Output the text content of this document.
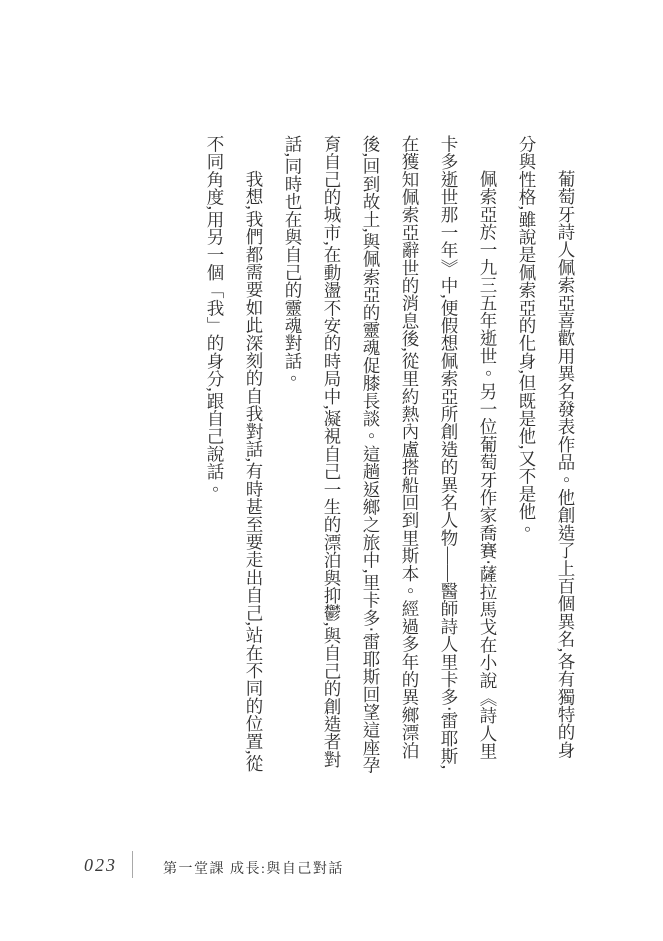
葡萄牙詩人佩索亞喜歡用異名發表作品。他創造了上百個異名,各有獨特的身分與性格,雖說是佩索亞的化身,但既是他,又不是他。

佩索亞於一九三五年逝世。另一位葡萄牙作家喬賽‧薩拉馬戈在小說《詩人里卡多逝世那一年》中,便假想佩索亞所創造的異名人物——醫師詩人里卡多‧雷耶斯,在獲知佩索亞辭世的消息後,從里約熱內盧搭船回到里斯本。經過多年的異鄉漂泊後,回到故土,與佩索亞的靈魂促膝長談。這趟返鄉之旅中,里卡多‧雷耶斯回望這座孕育自己的城市,在動盪不安的時局中,凝視自己一生的漂泊與抑鬱,與自己的創造者對話,同時也在與自己的靈魂對話。

我想,我們都需要如此深刻的自我對話,有時甚至要走出自己,站在不同的位置,從不同角度,用另一個「我」的身分,跟自己說話。

023	第一堂課 成長:與自己對話
